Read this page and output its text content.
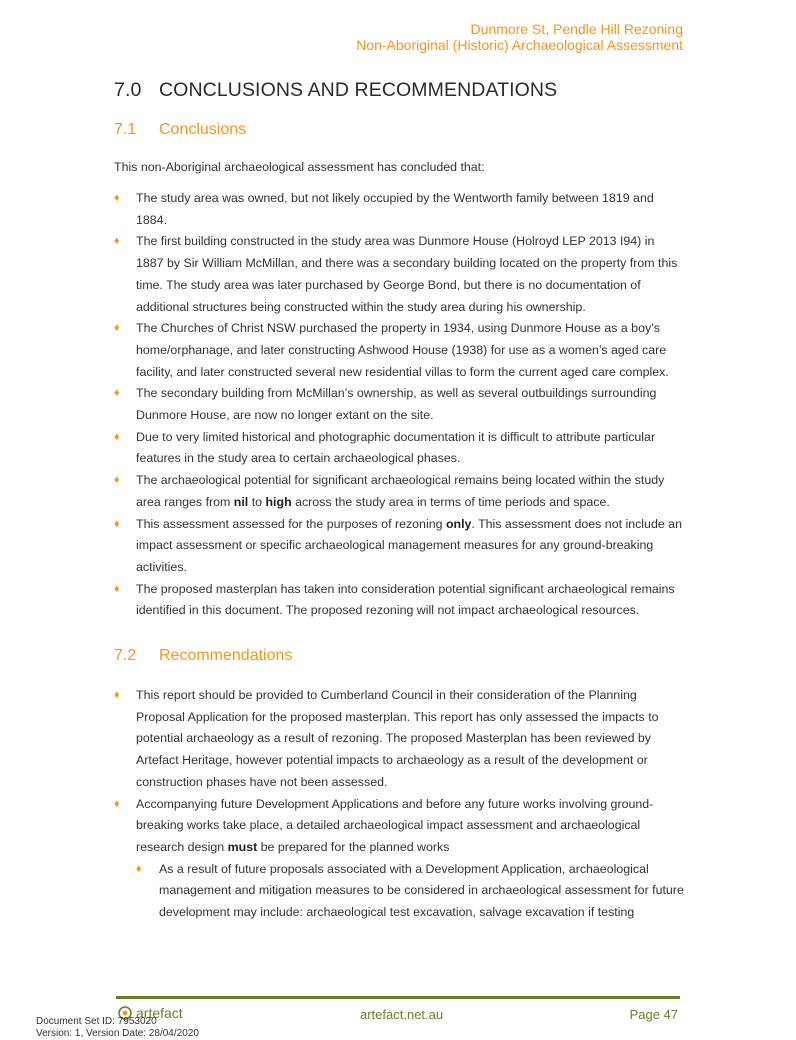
Dunmore St, Pendle Hill Rezoning
Non-Aboriginal (Historic) Archaeological Assessment
7.0 CONCLUSIONS AND RECOMMENDATIONS
7.1 Conclusions
This non-Aboriginal archaeological assessment has concluded that:
♦ The study area was owned, but not likely occupied by the Wentworth family between 1819 and 1884.
♦ The first building constructed in the study area was Dunmore House (Holroyd LEP 2013 I94) in 1887 by Sir William McMillan, and there was a secondary building located on the property from this time. The study area was later purchased by George Bond, but there is no documentation of additional structures being constructed within the study area during his ownership.
♦ The Churches of Christ NSW purchased the property in 1934, using Dunmore House as a boy’s home/orphanage, and later constructing Ashwood House (1938) for use as a women’s aged care facility, and later constructed several new residential villas to form the current aged care complex.
♦ The secondary building from McMillan’s ownership, as well as several outbuildings surrounding Dunmore House, are now no longer extant on the site.
♦ Due to very limited historical and photographic documentation it is difficult to attribute particular features in the study area to certain archaeological phases.
♦ The archaeological potential for significant archaeological remains being located within the study area ranges from nil to high across the study area in terms of time periods and space.
♦ This assessment assessed for the purposes of rezoning only. This assessment does not include an impact assessment or specific archaeological management measures for any ground-breaking activities.
♦ The proposed masterplan has taken into consideration potential significant archaeological remains identified in this document. The proposed rezoning will not impact archaeological resources.
7.2 Recommendations
♦ This report should be provided to Cumberland Council in their consideration of the Planning Proposal Application for the proposed masterplan. This report has only assessed the impacts to potential archaeology as a result of rezoning. The proposed Masterplan has been reviewed by Artefact Heritage, however potential impacts to archaeology as a result of the development or construction phases have not been assessed.
♦ Accompanying future Development Applications and before any future works involving ground-breaking works take place, a detailed archaeological impact assessment and archaeological research design must be prepared for the planned works
♦ As a result of future proposals associated with a Development Application, archaeological management and mitigation measures to be considered in archaeological assessment for future development may include: archaeological test excavation, salvage excavation if testing
artefact	artefact.net.au	Page 47
Document Set ID: 7953020
Version: 1, Version Date: 28/04/2020
